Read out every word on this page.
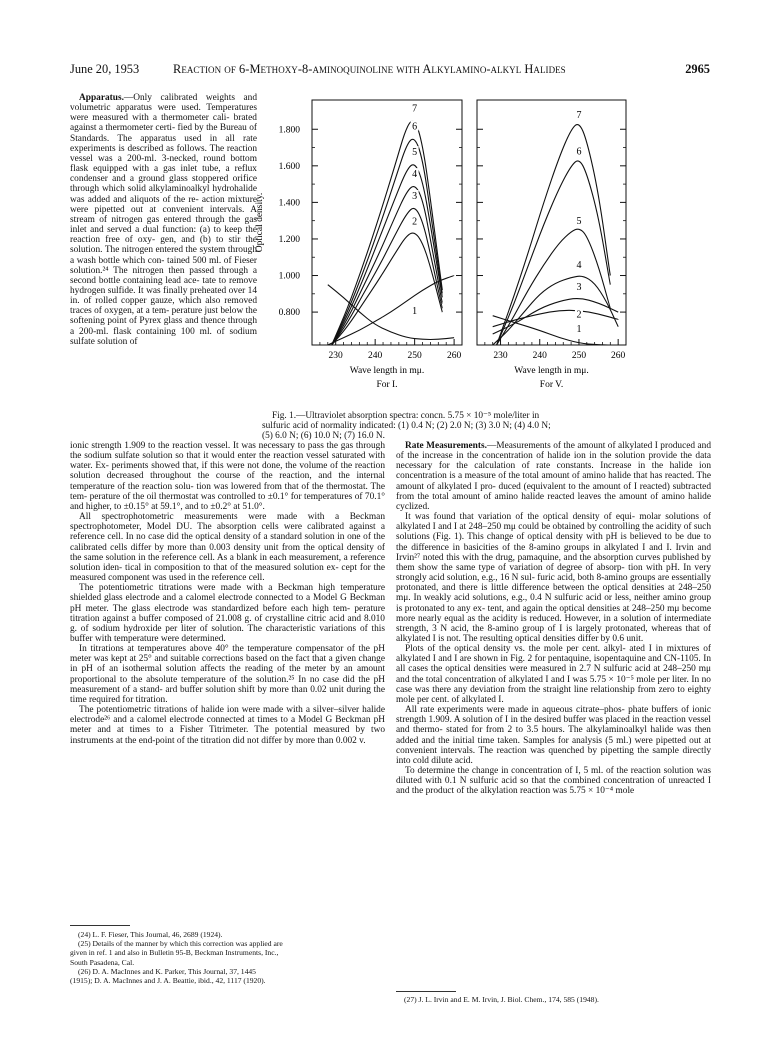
June 20, 1953	Reaction of 6-Methoxy-8-aminoquinoline with Alkylamino-alkyl Halides	2965

Apparatus.—Only calibrated weights and volumetric apparatus were used. Temperatures were measured with a thermometer cali- brated against a thermometer certi- fied by the Bureau of Standards. The apparatus used in all rate experiments is described as follows. The reaction vessel was a 200-ml. 3-necked, round bottom flask equipped with a gas inlet tube, a reflux condenser and a ground glass stoppered orifice through which solid alkylaminoalkyl hydrohalide was added and aliquots of the re- action mixture were pipetted out at convenient intervals. A stream of nitrogen gas entered through the gas inlet and served a dual function: (a) to keep the reaction free of oxy- gen, and (b) to stir the solution. The nitrogen entered the system through a wash bottle which con- tained 500 ml. of Fieser solution.²⁴ The nitrogen then passed through a second bottle containing lead ace- tate to remove hydrogen sulfide. It was finally preheated over 14 in. of rolled copper gauze, which also removed traces of oxygen, at a tem- perature just below the softening point of Pyrex glass and thence through a 200-ml. flask containing 100 ml. of sodium sulfate solution of

0.800
1.000
1.200
1.400
1.600
1.800
230	240	250	260
Wave length in mμ.
For I.
Optical density.
1
2
3
4
5
6
7
230	240	250	260
Wave length in mμ.
For V.
1
2
3
4
5
6
7
Fig. 1.—Ultraviolet absorption spectra: concn. 5.75 × 10⁻⁵ mole/liter in
sulfuric acid of normality indicated: (1) 0.4 N; (2) 2.0 N; (3) 3.0 N; (4) 4.0 N;
(5) 6.0 N; (6) 10.0 N; (7) 16.0 N.

ionic strength 1.909 to the reaction vessel. It was necessary to pass the gas through the sodium sulfate solution so that it would enter the reaction vessel saturated with water. Ex- periments showed that, if this were not done, the volume of the reaction solution decreased throughout the course of the reaction, and the internal temperature of the reaction solu- tion was lowered from that of the thermostat. The tem- perature of the oil thermostat was controlled to ±0.1° for temperatures of 70.1° and higher, to ±0.15° at 59.1°, and to ±0.2° at 51.0°.

All spectrophotometric measurements were made with a Beckman spectrophotometer, Model DU. The absorption cells were calibrated against a reference cell. In no case did the optical density of a standard solution in one of the calibrated cells differ by more than 0.003 density unit from the optical density of the same solution in the reference cell. As a blank in each measurement, a reference solution iden- tical in composition to that of the measured solution ex- cept for the measured component was used in the reference cell.

The potentiometric titrations were made with a Beckman high temperature shielded glass electrode and a calomel electrode connected to a Model G Beckman pH meter. The glass electrode was standardized before each high tem- perature titration against a buffer composed of 21.008 g. of crystalline citric acid and 8.010 g. of sodium hydroxide per liter of solution. The characteristic variations of this buffer with temperature were determined.

In titrations at temperatures above 40° the temperature compensator of the pH meter was kept at 25° and suitable corrections based on the fact that a given change in pH of an isothermal solution affects the reading of the meter by an amount proportional to the absolute temperature of the solution.²⁵ In no case did the pH measurement of a stand- ard buffer solution shift by more than 0.02 unit during the time required for titration.

The potentiometric titrations of halide ion were made with a silver–silver halide electrode²⁶ and a calomel electrode connected at times to a Model G Beckman pH meter and at times to a Fisher Titrimeter. The potential measured by two instruments at the end-point of the titration did not differ by more than 0.002 v.

(24) L. F. Fieser, This Journal, 46, 2689 (1924).

(25) Details of the manner by which this correction was applied are

given in ref. 1 and also in Bulletin 95-B, Beckman Instruments, Inc.,

South Pasadena, Cal.

(26) D. A. MacInnes and K. Parker, This Journal, 37, 1445

(1915); D. A. MacInnes and J. A. Beattie, ibid., 42, 1117 (1920).

Rate Measurements.—Measurements of the amount of alkylated I produced and of the increase in the concentration of halide ion in the solution provide the data necessary for the calculation of rate constants. Increase in the halide ion concentration is a measure of the total amount of amino halide that has reacted. The amount of alkylated I pro- duced (equivalent to the amount of I reacted) subtracted from the total amount of amino halide reacted leaves the amount of amino halide cyclized.

It was found that variation of the optical density of equi- molar solutions of alkylated I and I at 248–250 mμ could be obtained by controlling the acidity of such solutions (Fig. 1). This change of optical density with pH is believed to be due to the difference in basicities of the 8-amino groups in alkylated I and I. Irvin and Irvin²⁷ noted this with the drug, pamaquine, and the absorption curves published by them show the same type of variation of degree of absorp- tion with pH. In very strongly acid solution, e.g., 16 N sul- furic acid, both 8-amino groups are essentially protonated, and there is little difference between the optical densities at 248–250 mμ. In weakly acid solutions, e.g., 0.4 N sulfuric acid or less, neither amino group is protonated to any ex- tent, and again the optical densities at 248–250 mμ become more nearly equal as the acidity is reduced. However, in a solution of intermediate strength, 3 N acid, the 8-amino group of I is largely protonated, whereas that of alkylated I is not. The resulting optical densities differ by 0.6 unit.

Plots of the optical density vs. the mole per cent. alkyl- ated I in mixtures of alkylated I and I are shown in Fig. 2 for pentaquine, isopentaquine and CN-1105. In all cases the optical densities were measured in 2.7 N sulfuric acid at 248–250 mμ and the total concentration of alkylated I and I was 5.75 × 10⁻⁵ mole per liter. In no case was there any deviation from the straight line relationship from zero to eighty mole per cent. of alkylated I.

All rate experiments were made in aqueous citrate–phos- phate buffers of ionic strength 1.909. A solution of I in the desired buffer was placed in the reaction vessel and thermo- stated for from 2 to 3.5 hours. The alkylaminoalkyl halide was then added and the initial time taken. Samples for analysis (5 ml.) were pipetted out at convenient intervals. The reaction was quenched by pipetting the sample directly into cold dilute acid.

To determine the change in concentration of I, 5 ml. of the reaction solution was diluted with 0.1 N sulfuric acid so that the combined concentration of unreacted I and the product of the alkylation reaction was 5.75 × 10⁻⁴ mole

(27) J. L. Irvin and E. M. Irvin, J. Biol. Chem., 174, 585 (1948).
